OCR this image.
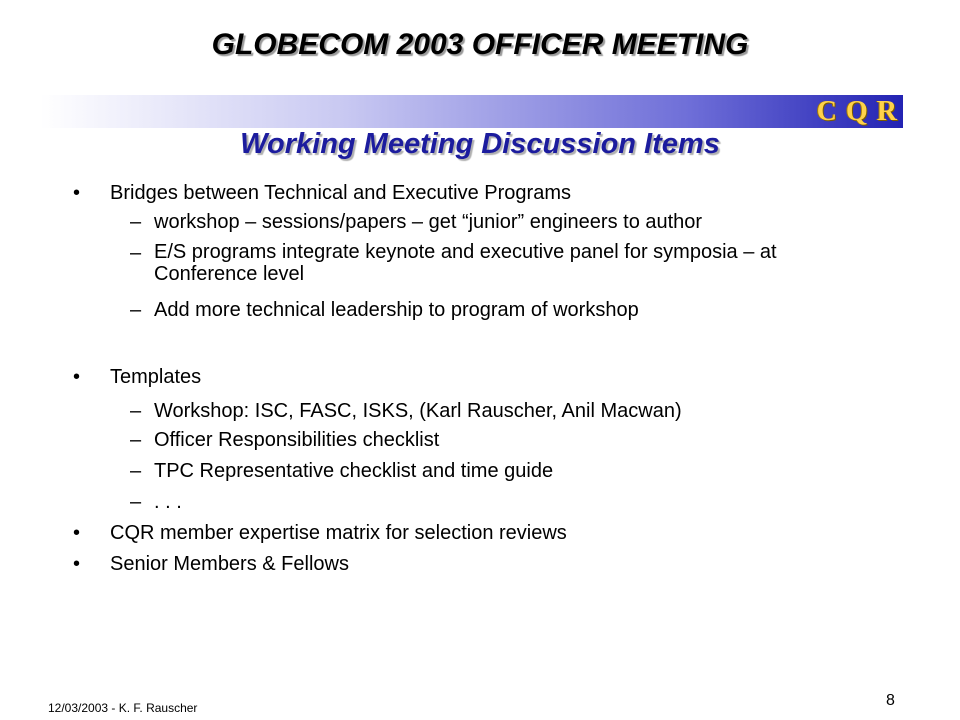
GLOBECOM 2003 OFFICER MEETING
C Q R
Working Meeting Discussion Items
•	Bridges between Technical and Executive Programs
– workshop – sessions/papers – get “junior” engineers to author
– E/S programs integrate keynote and executive panel for symposia – at Conference level
– Add more technical leadership to program of workshop
•	Templates
– Workshop: ISC, FASC, ISKS, (Karl Rauscher, Anil Macwan)
– Officer Responsibilities checklist
– TPC Representative checklist and time guide
– . . .
•	CQR member expertise matrix for selection reviews
•	Senior Members & Fellows
12/03/2003 - K. F. Rauscher	8
